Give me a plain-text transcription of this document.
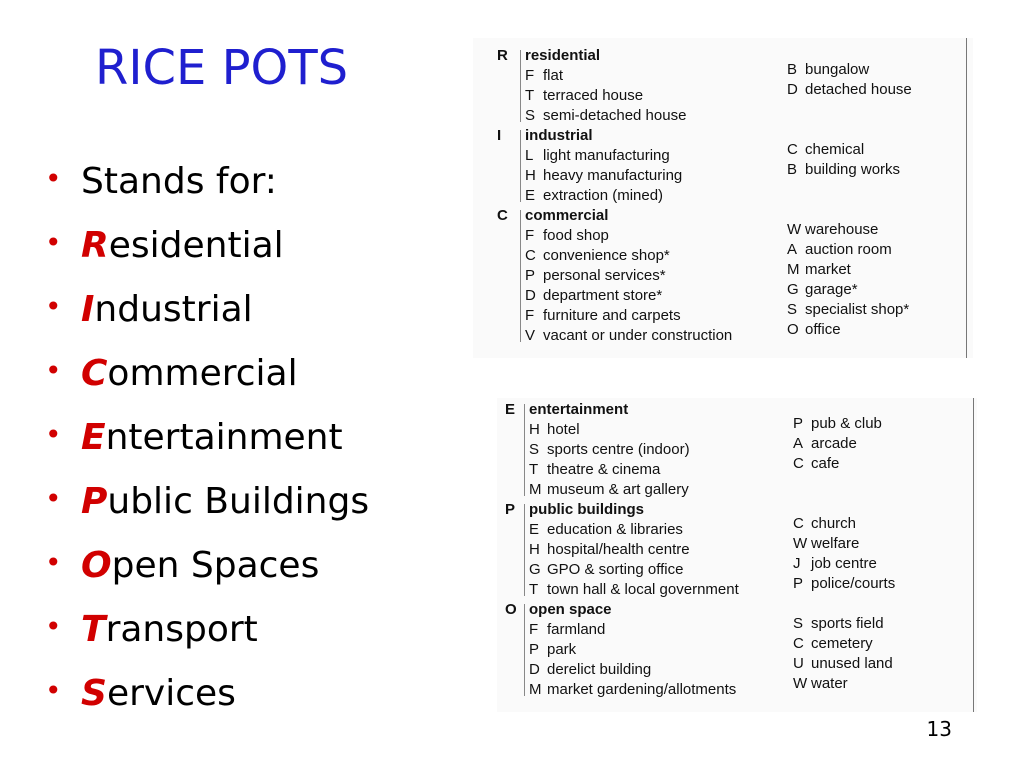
RICE POTS
• Stands for:
• Residential
• Industrial
• Commercial
• Entertainment
• Public Buildings
• Open Spaces
• Transport
• Services
R residential
F flat	B bungalow
T terraced house	D detached house
S semi-detached house
I industrial
L light manufacturing	C chemical
H heavy manufacturing	B building works
E extraction (mined)
C commercial
F food shop	W warehouse
C convenience shop*	A auction room
P personal services*	M market
D department store*	G garage*
F furniture and carpets	S specialist shop*
V vacant or under construction	O office
E entertainment
H hotel	P pub & club
S sports centre (indoor)	A arcade
T theatre & cinema	C cafe
M museum & art gallery
P public buildings
E education & libraries	C church
H hospital/health centre	W welfare
G GPO & sorting office	J job centre
T town hall & local government	P police/courts
O open space
F farmland	S sports field
P park	C cemetery
D derelict building	U unused land
M market gardening/allotments	W water
13
